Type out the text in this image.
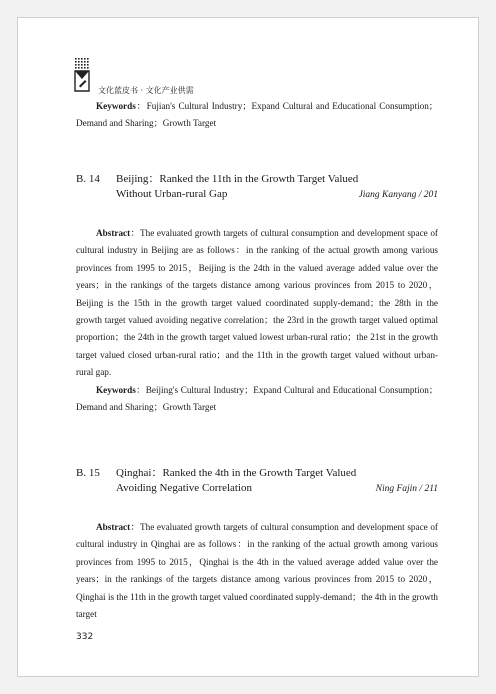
文化蓝皮书 · 文化产业供需

Keywords：Fujian's Cultural Industry；Expand Cultural and Educational Consumption；Demand and Sharing；Growth Target

B. 14 Beijing：Ranked the 11th in the Growth Target Valued
Without Urban-rural Gap	Jiang Kanyang / 201

Abstract：The evaluated growth targets of cultural consumption and development space of cultural industry in Beijing are as follows：in the ranking of the actual growth among various provinces from 1995 to 2015，Beijing is the 24th in the valued average added value over the years；in the rankings of the targets distance among various provinces from 2015 to 2020，Beijing is the 15th in the growth target valued coordinated supply-demand；the 28th in the growth target valued avoiding negative correlation；the 23rd in the growth target valued optimal proportion；the 24th in the growth target valued lowest urban-rural ratio；the 21st in the growth target valued closed urban-rural ratio；and the 11th in the growth target valued without urban-rural gap.

Keywords：Beijing's Cultural Industry；Expand Cultural and Educational Consumption；Demand and Sharing；Growth Target

B. 15 Qinghai：Ranked the 4th in the Growth Target Valued
Avoiding Negative Correlation	Ning Fajin / 211

Abstract：The evaluated growth targets of cultural consumption and development space of cultural industry in Qinghai are as follows：in the ranking of the actual growth among various provinces from 1995 to 2015，Qinghai is the 4th in the valued average added value over the years；in the rankings of the targets distance among various provinces from 2015 to 2020，Qinghai is the 11th in the growth target valued coordinated supply-demand；the 4th in the growth target

332
